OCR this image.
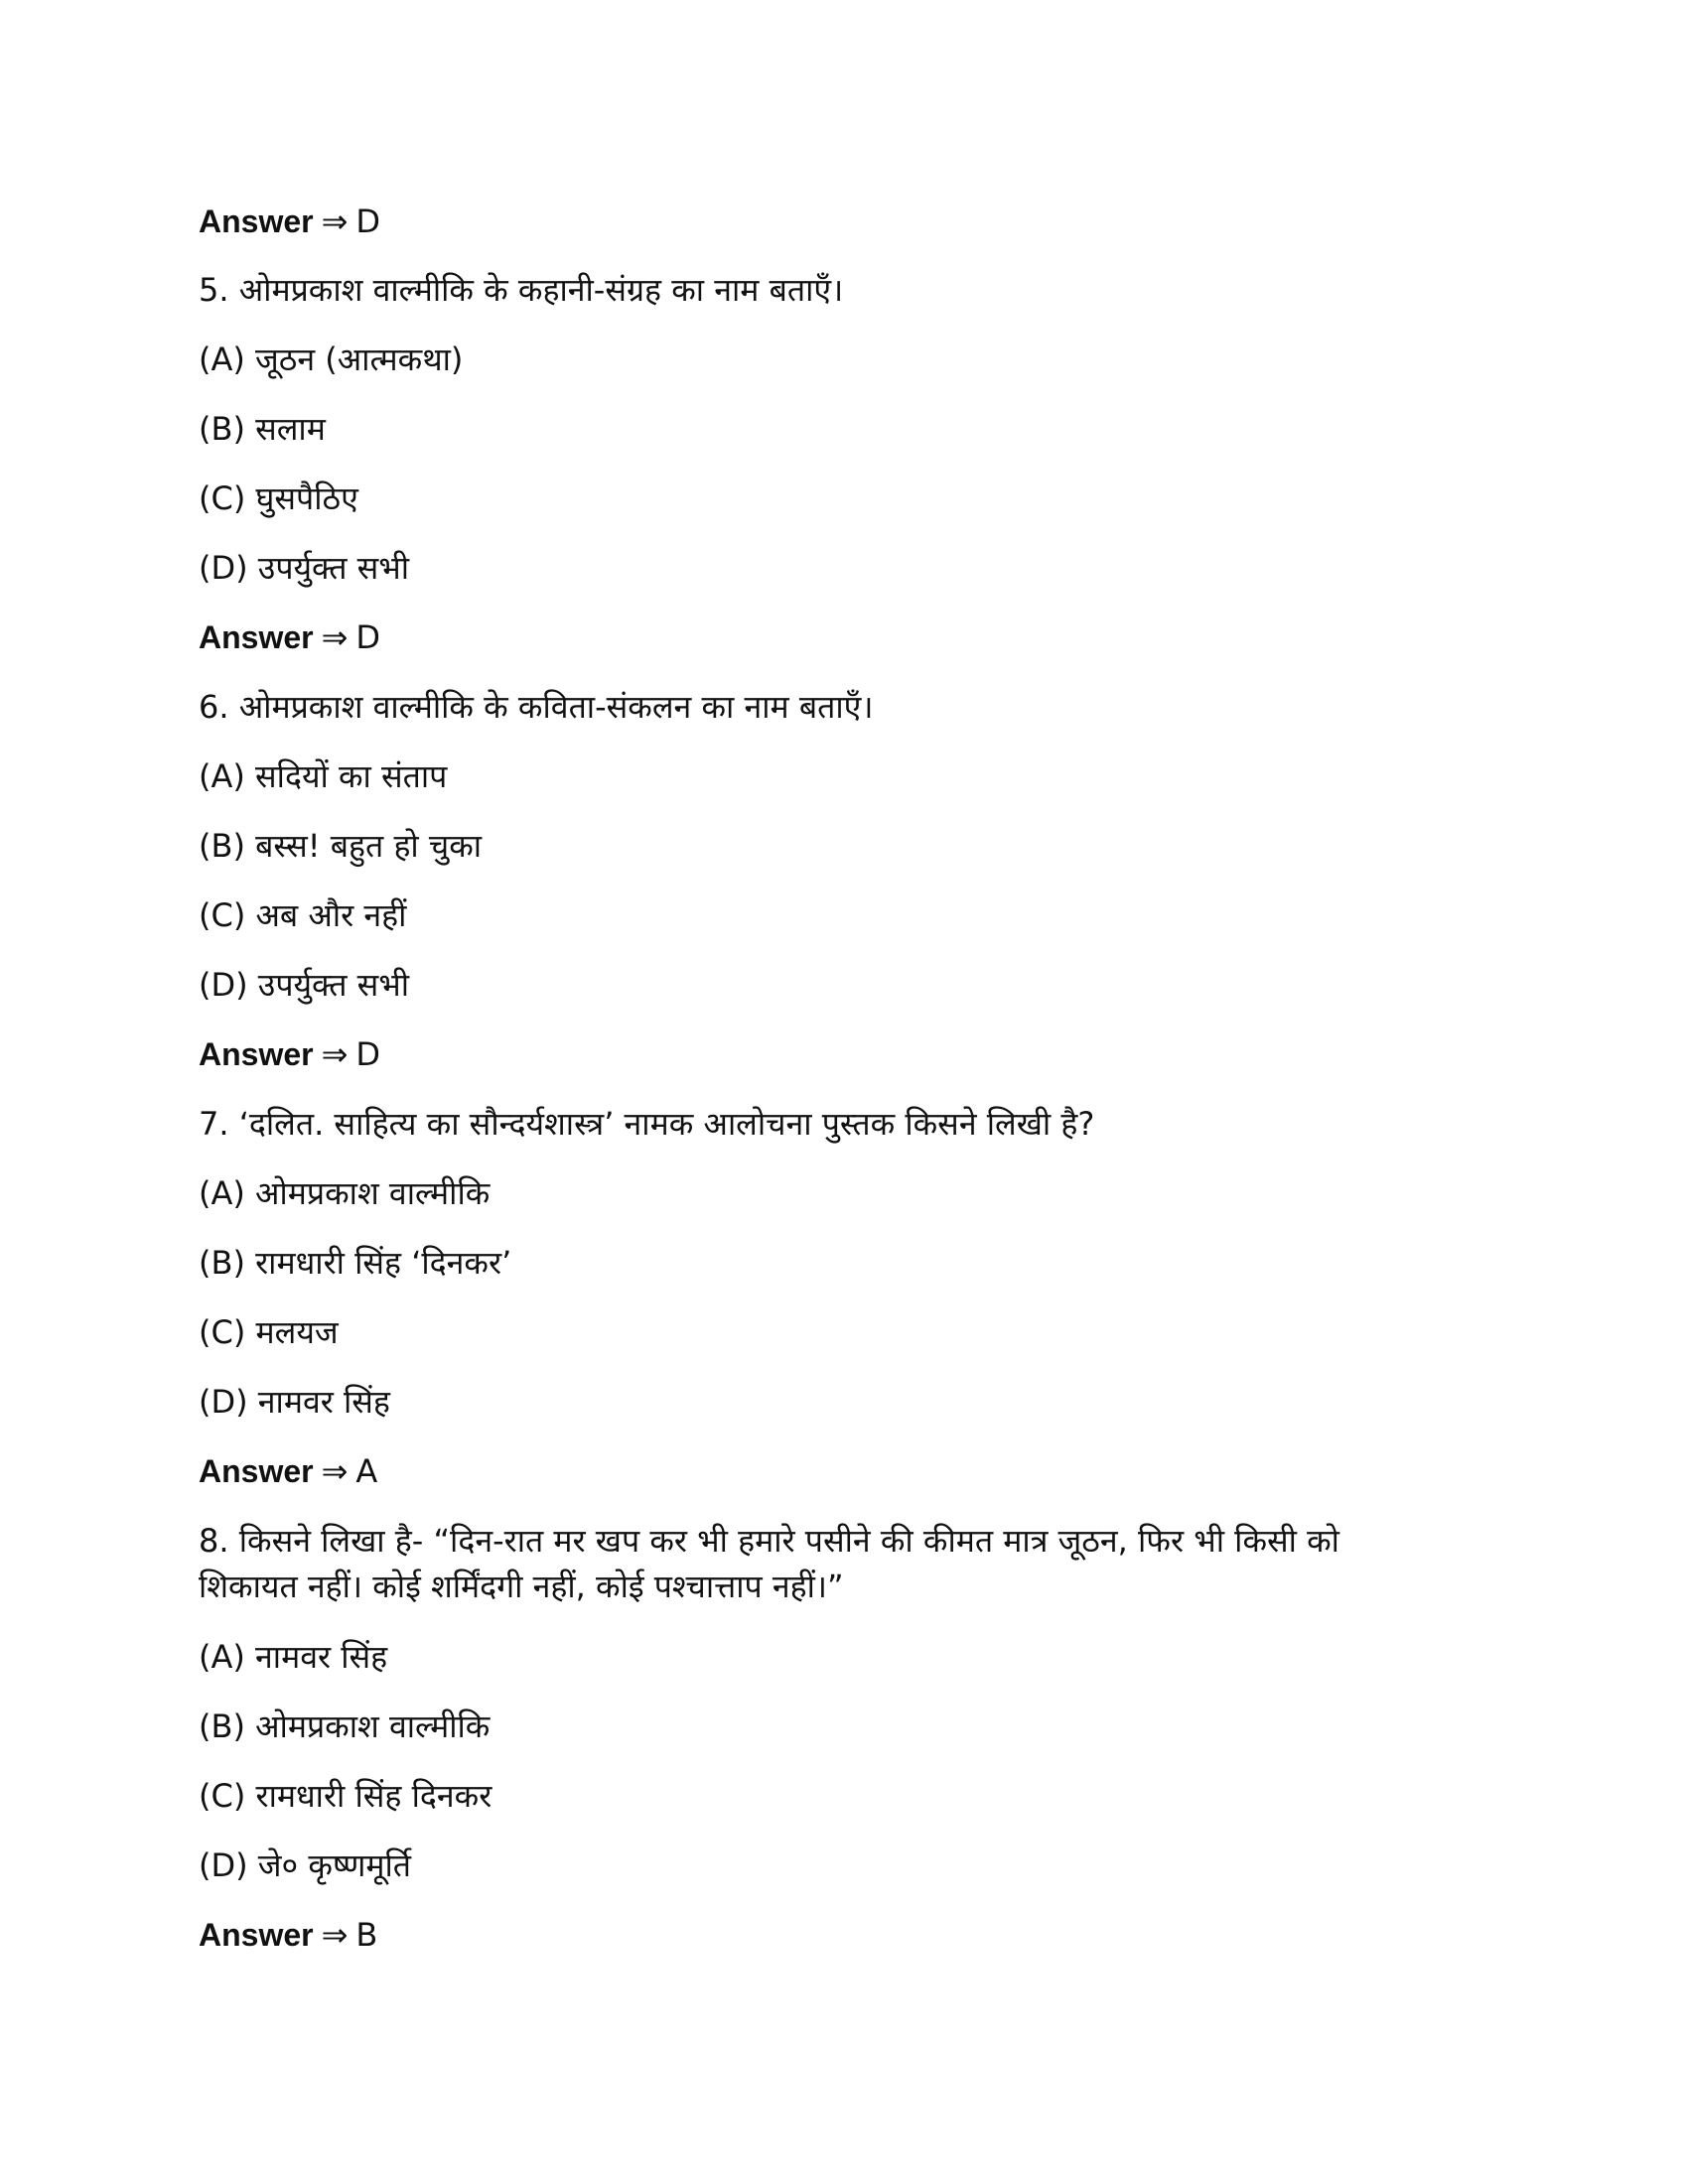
Answer ⇒ D
5. ओमप्रकाश वाल्मीकि के कहानी-संग्रह का नाम बताएँ।
(A) जूठन (आत्मकथा)
(B) सलाम
(C) घुसपैठिए
(D) उपर्युक्त सभी
Answer ⇒ D
6. ओमप्रकाश वाल्मीकि के कविता-संकलन का नाम बताएँ।
(A) सदियों का संताप
(B) बस्स! बहुत हो चुका
(C) अब और नहीं
(D) उपर्युक्त सभी
Answer ⇒ D
7. ‘दलित. साहित्य का सौन्दर्यशास्त्र’ नामक आलोचना पुस्तक किसने लिखी है?
(A) ओमप्रकाश वाल्मीकि
(B) रामधारी सिंह ‘दिनकर’
(C) मलयज
(D) नामवर सिंह
Answer ⇒ A
8. किसने लिखा है- “दिन-रात मर खप कर भी हमारे पसीने की कीमत मात्र जूठन, फिर भी किसी को
शिकायत नहीं। कोई शर्मिंदगी नहीं, कोई पश्चात्ताप नहीं।”
(A) नामवर सिंह
(B) ओमप्रकाश वाल्मीकि
(C) रामधारी सिंह दिनकर
(D) जे० कृष्णमूर्ति
Answer ⇒ B
